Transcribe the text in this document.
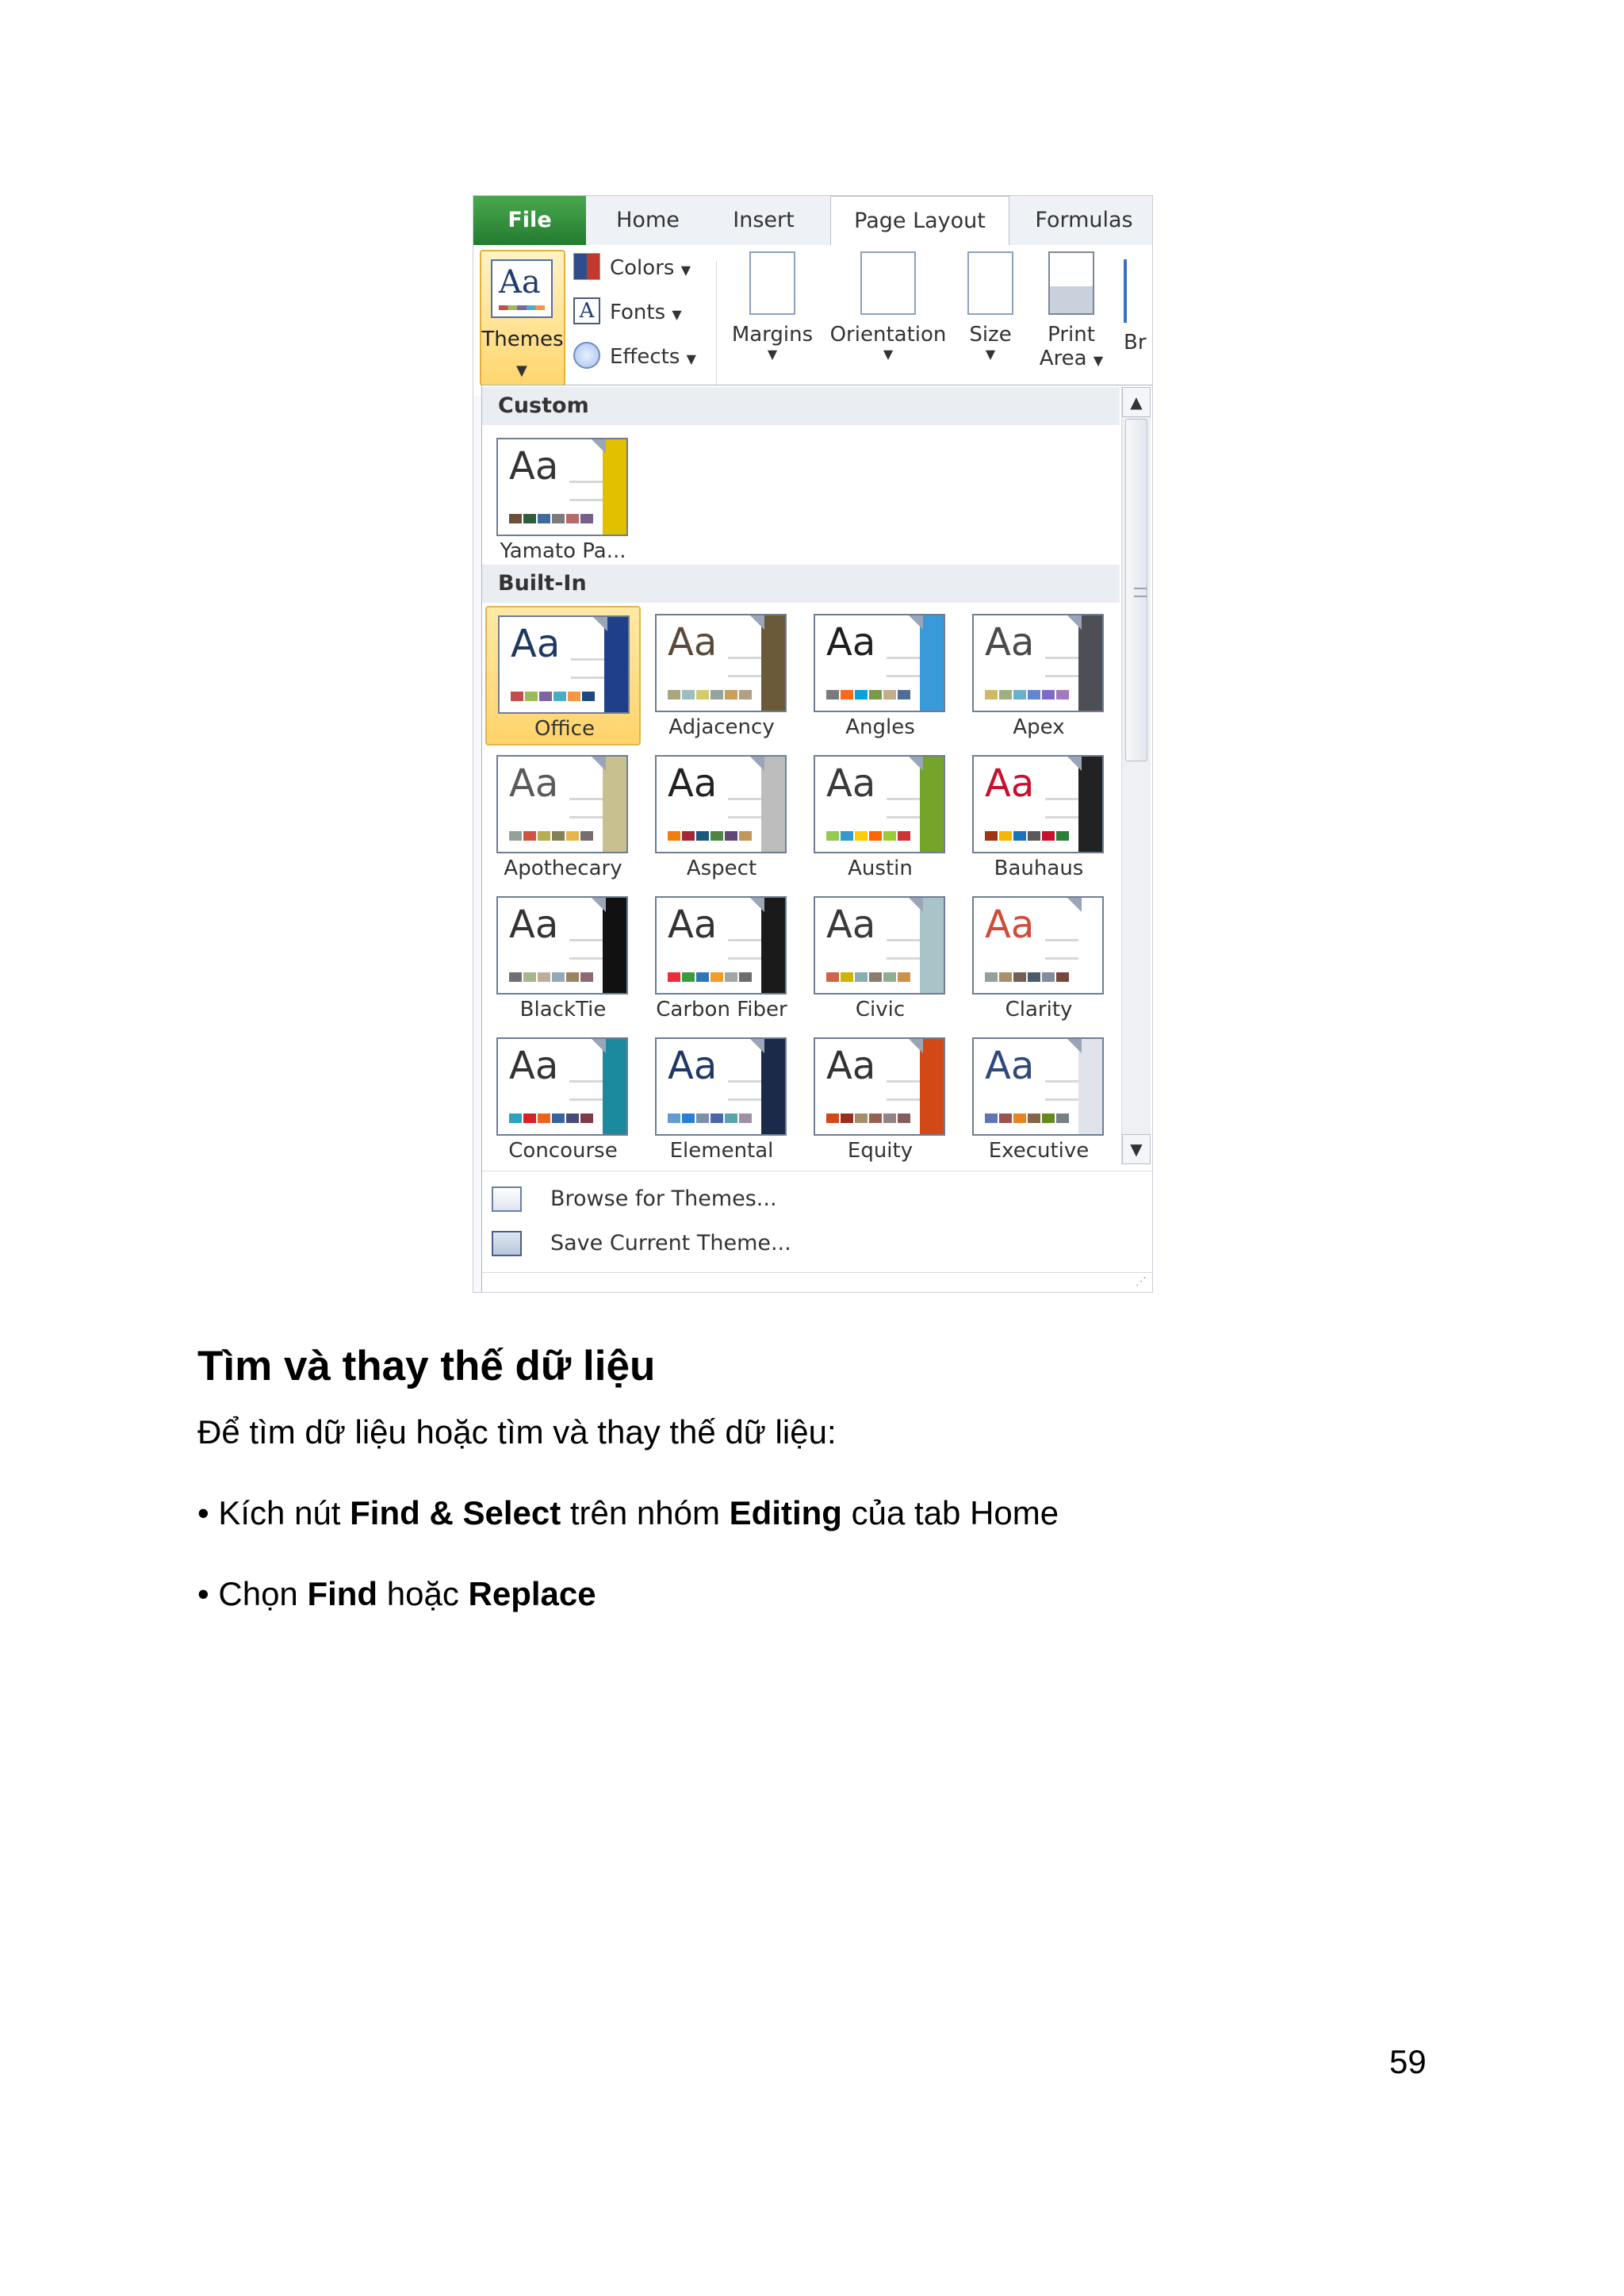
File	Home	Insert	Page Layout	Formulas
Aa
Themes
▼
Colors ▼
A Fonts ▼
Effects ▼
Margins
▼
Orientation
▼
Size
▼
Print
Area ▼
Br
Custom
Aa
Yamato Pa...
Built-In
Aa
Office
Aa
Adjacency
Aa
Angles
Aa
Apex
Aa
Apothecary
Aa
Aspect
Aa
Austin
Aa
Bauhaus
Aa
BlackTie
Aa
Carbon Fiber
Aa
Civic
Aa
Clarity
Aa
Concourse
Aa
Elemental
Aa
Equity
Aa
Executive
▲
▼
Browse for Themes...
Save Current Theme...
⋰
Tìm và thay thế dữ liệu
Để tìm dữ liệu hoặc tìm và thay thế dữ liệu:
• Kích nút Find & Select trên nhóm Editing của tab Home
• Chọn Find hoặc Replace
59
